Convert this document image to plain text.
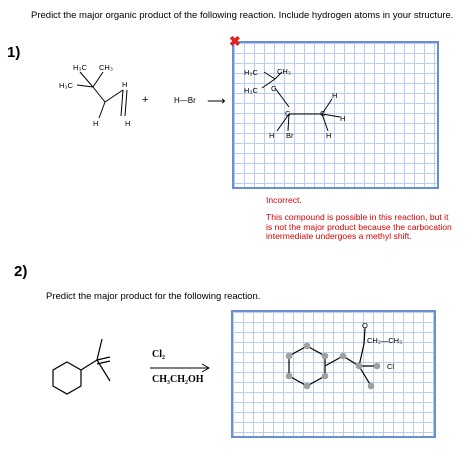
Predict the major organic product of the following reaction. Include hydrogen atoms in your structure.
1)
H₃C CH₃
H₃C	H
H	H
+	H—Br ⟶
✖
H₃C	CH₃
H₃C C
H
C	C
H
H Br	H
Incorrect.
This compound is possible in this reaction, but it is not the major product because the carbocation intermediate undergoes a methyl shift.
2)
Predict the major product for the following reaction.
Cl₂
CH₃CH₂OH
O
CH₂—CH₃
Cl
